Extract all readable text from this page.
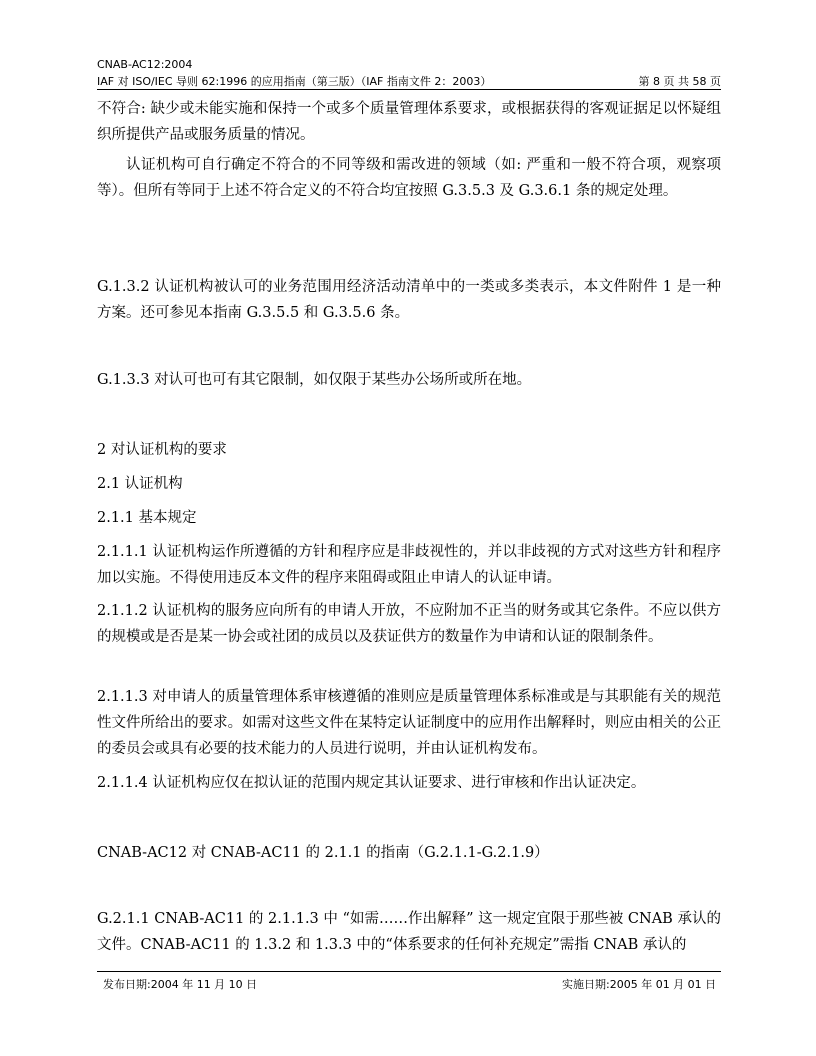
CNAB-AC12:2004
IAF 对 ISO/IEC 导则 62:1996 的应用指南（第三版）（IAF 指南文件 2：2003）	第 8 页 共 58 页
不符合: 缺少或未能实施和保持一个或多个质量管理体系要求，或根据获得的客观证据足以怀疑组织所提供产品或服务质量的情况。
认证机构可自行确定不符合的不同等级和需改进的领域（如: 严重和一般不符合项，观察项等）。但所有等同于上述不符合定义的不符合均宜按照 G.3.5.3 及 G.3.6.1 条的规定处理。
G.1.3.2 认证机构被认可的业务范围用经济活动清单中的一类或多类表示，本文件附件 1 是一种方案。还可参见本指南 G.3.5.5 和 G.3.5.6 条。
G.1.3.3 对认可也可有其它限制，如仅限于某些办公场所或所在地。
2 对认证机构的要求
2.1 认证机构
2.1.1 基本规定
2.1.1.1 认证机构运作所遵循的方针和程序应是非歧视性的，并以非歧视的方式对这些方针和程序加以实施。不得使用违反本文件的程序来阻碍或阻止申请人的认证申请。
2.1.1.2 认证机构的服务应向所有的申请人开放，不应附加不正当的财务或其它条件。不应以供方的规模或是否是某一协会或社团的成员以及获证供方的数量作为申请和认证的限制条件。
2.1.1.3 对申请人的质量管理体系审核遵循的准则应是质量管理体系标准或是与其职能有关的规范性文件所给出的要求。如需对这些文件在某特定认证制度中的应用作出解释时，则应由相关的公正的委员会或具有必要的技术能力的人员进行说明，并由认证机构发布。
2.1.1.4 认证机构应仅在拟认证的范围内规定其认证要求、进行审核和作出认证决定。
CNAB-AC12 对 CNAB-AC11 的 2.1.1 的指南（G.2.1.1-G.2.1.9）
G.2.1.1 CNAB-AC11 的 2.1.1.3 中 “如需……作出解释” 这一规定宜限于那些被 CNAB 承认的文件。CNAB-AC11 的 1.3.2 和 1.3.3 中的“体系要求的任何补充规定”需指 CNAB 承认的
发布日期:2004 年 11 月 10 日	实施日期:2005 年 01 月 01 日
